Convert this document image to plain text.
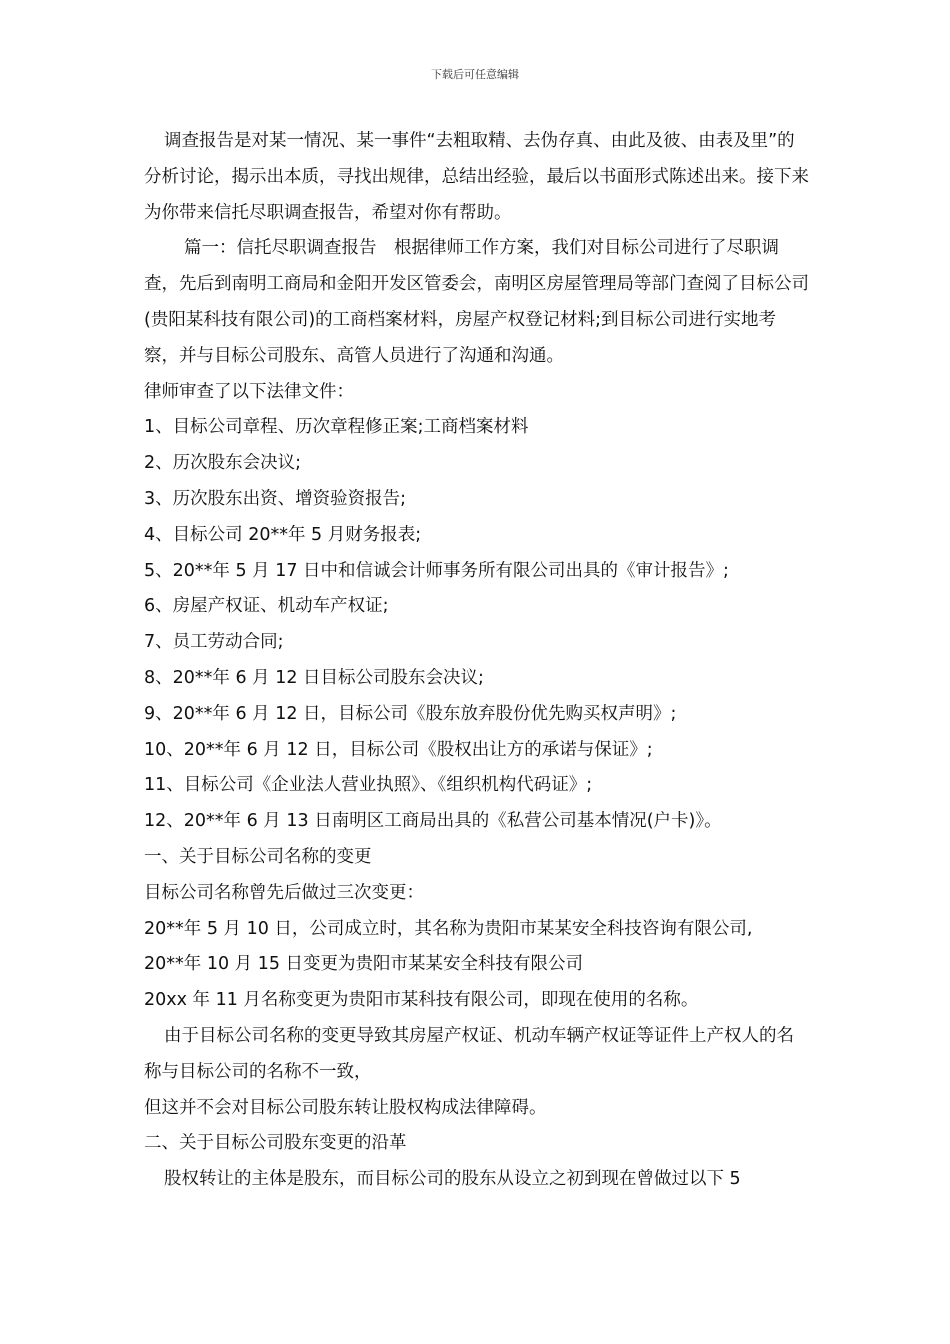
下载后可任意编辑

调查报告是对某一情况、某一事件“去粗取精、去伪存真、由此及彼、由表及里”的分析讨论，揭示出本质，寻找出规律，总结出经验，最后以书面形式陈述出来。接下来为你带来信托尽职调查报告，希望对你有帮助。

篇一：信托尽职调查报告　根据律师工作方案，我们对目标公司进行了尽职调查，先后到南明工商局和金阳开发区管委会，南明区房屋管理局等部门查阅了目标公司(贵阳某科技有限公司)的工商档案材料，房屋产权登记材料;到目标公司进行实地考察，并与目标公司股东、高管人员进行了沟通和沟通。

律师审查了以下法律文件：

1、目标公司章程、历次章程修正案;工商档案材料

2、历次股东会决议;

3、历次股东出资、增资验资报告;

4、目标公司 20**年 5 月财务报表;

5、20**年 5 月 17 日中和信诚会计师事务所有限公司出具的《审计报告》;

6、房屋产权证、机动车产权证;

7、员工劳动合同;

8、20**年 6 月 12 日目标公司股东会决议;

9、20**年 6 月 12 日，目标公司《股东放弃股份优先购买权声明》;

10、20**年 6 月 12 日，目标公司《股权出让方的承诺与保证》;

11、目标公司《企业法人营业执照》、《组织机构代码证》;

12、20**年 6 月 13 日南明区工商局出具的《私营公司基本情况(户卡)》。

一、关于目标公司名称的变更

目标公司名称曾先后做过三次变更：

20**年 5 月 10 日，公司成立时，其名称为贵阳市某某安全科技咨询有限公司,

20**年 10 月 15 日变更为贵阳市某某安全科技有限公司

20xx 年 11 月名称变更为贵阳市某科技有限公司，即现在使用的名称。

由于目标公司名称的变更导致其房屋产权证、机动车辆产权证等证件上产权人的名称与目标公司的名称不一致，

但这并不会对目标公司股东转让股权构成法律障碍。

二、关于目标公司股东变更的沿革

股权转让的主体是股东，而目标公司的股东从设立之初到现在曾做过以下 5
